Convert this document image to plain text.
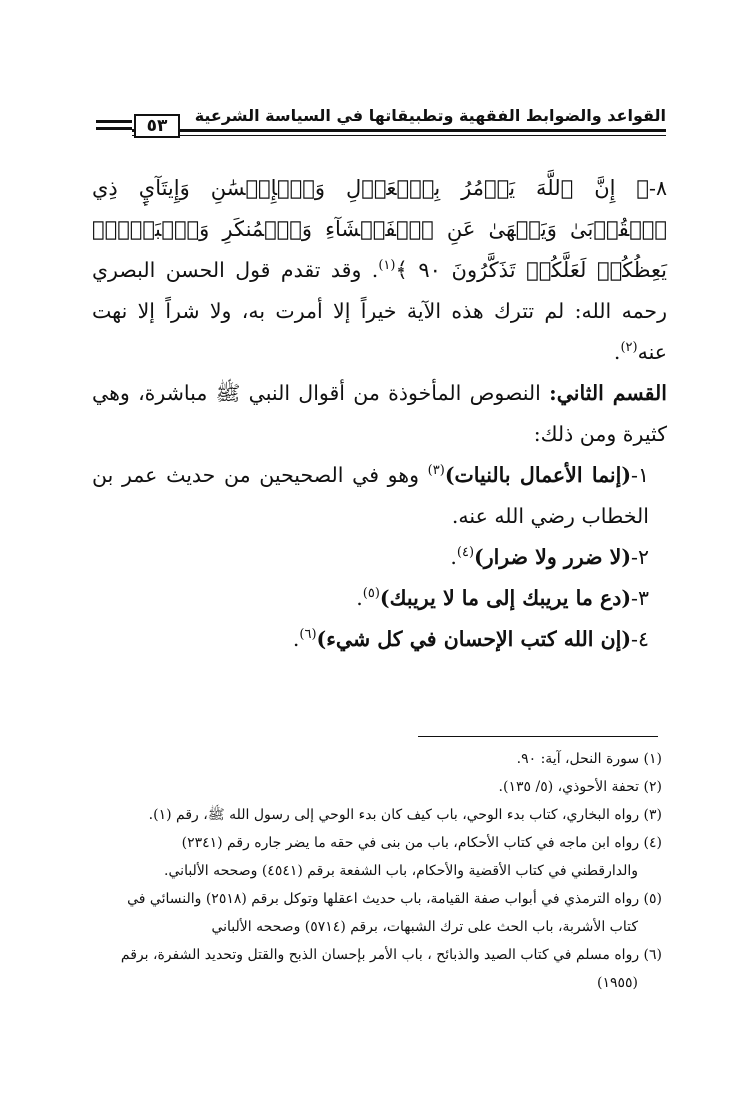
٥٣
القواعد والضوابط الفقهية وتطبيقاتها في السياسة الشرعية

٨-﴿ إِنَّ ٱللَّهَ يَأۡمُرُ بِٱلۡعَدۡلِ وَٱلۡإِحۡسَٰنِ وَإِيتَآيِٕ ذِي ٱلۡقُرۡبَىٰ وَيَنۡهَىٰ عَنِ ٱلۡفَحۡشَآءِ وَٱلۡمُنكَرِ وَٱلۡبَغۡيِۚ يَعِظُكُمۡ لَعَلَّكُمۡ تَذَكَّرُونَ ٩٠ ﴾$^{(١)}$. وقد تقدم قول الحسن البصري رحمه الله: لم تترك هذه الآية خيراً إلا أمرت به، ولا شراً إلا نهت عنه$^{(٢)}$.

القسم الثاني: النصوص المأخوذة من أقوال النبي ﷺ مباشرة، وهي كثيرة ومن ذلك:

١-(إنما الأعمال بالنيات)$^{(٣)}$ وهو في الصحيحين من حديث عمر بن الخطاب رضي الله عنه.

٢-(لا ضرر ولا ضرار)$^{(٤)}$.

٣-(دع ما يريبك إلى ما لا يريبك)$^{(٥)}$.

٤-(إن الله كتب الإحسان في كل شيء)$^{(٦)}$.

(١) سورة النحل، آية: ٩٠.

(٢) تحفة الأحوذي، (٥/ ١٣٥).

(٣) رواه البخاري، كتاب بدء الوحي، باب كيف كان بدء الوحي إلى رسول الله ﷺ، رقم (١).

(٤) رواه ابن ماجه في كتاب الأحكام، باب من بنى في حقه ما يضر جاره رقم (٢٣٤١)

والدارقطني في كتاب الأقضية والأحكام، باب الشفعة برقم (٤٥٤١) وصححه الألباني.

(٥) رواه الترمذي في أبواب صفة القيامة، باب حديث اعقلها وتوكل برقم (٢٥١٨) والنسائي في

كتاب الأشربة، باب الحث على ترك الشبهات، برقم (٥٧١٤) وصححه الألباني

(٦) رواه مسلم في كتاب الصيد والذبائح ، باب الأمر بإحسان الذبح والقتل وتحديد الشفرة، برقم

(١٩٥٥)
